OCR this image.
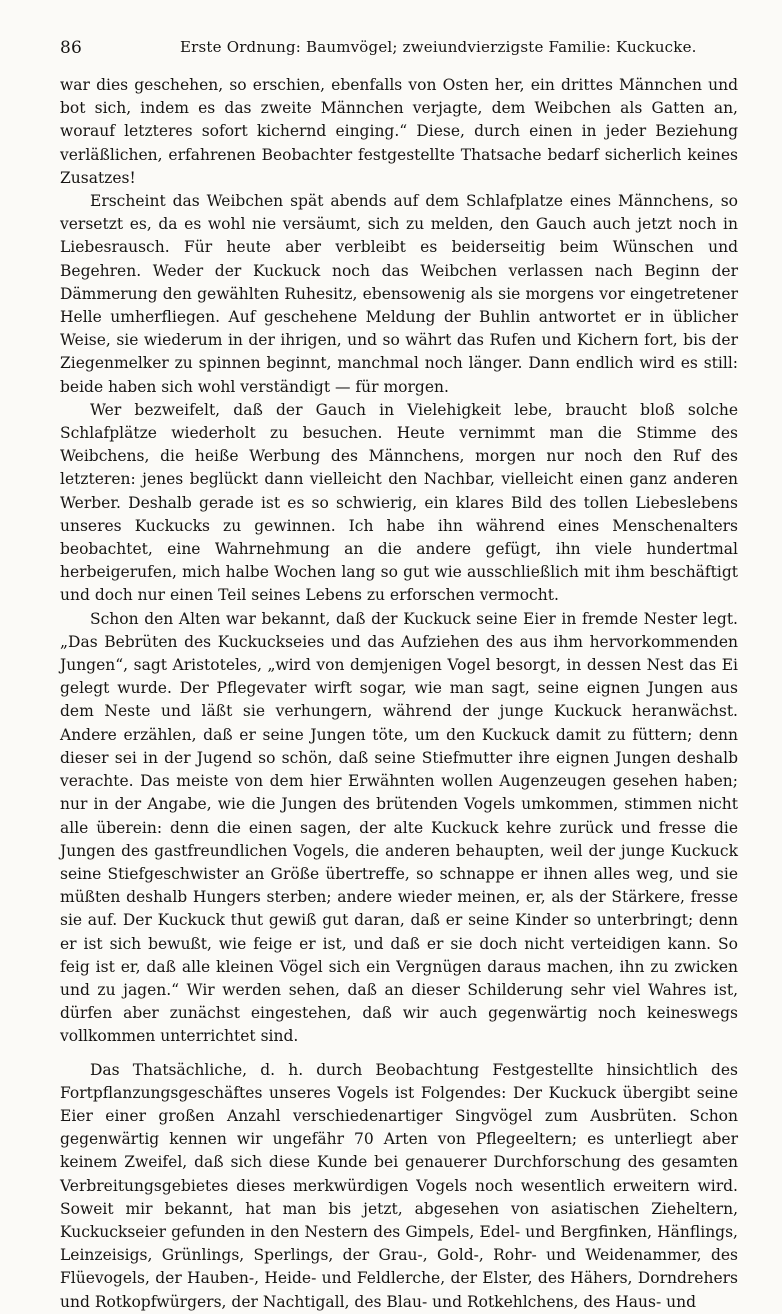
86	Erste Ordnung: Baumvögel; zweiundvierzigste Familie: Kuckucke.

war dies geschehen, so erschien, ebenfalls von Osten her, ein drittes Männchen und bot sich, indem es das zweite Männchen verjagte, dem Weibchen als Gatten an, worauf letzteres sofort kichernd einging.“ Diese, durch einen in jeder Beziehung verläßlichen, erfahrenen Beobachter festgestellte Thatsache bedarf sicherlich keines Zusatzes!

Erscheint das Weibchen spät abends auf dem Schlafplatze eines Männchens, so versetzt es, da es wohl nie versäumt, sich zu melden, den Gauch auch jetzt noch in Liebesrausch. Für heute aber verbleibt es beiderseitig beim Wünschen und Begehren. Weder der Kuckuck noch das Weibchen verlassen nach Beginn der Dämmerung den gewählten Ruhesitz, ebensowenig als sie morgens vor eingetretener Helle umherfliegen. Auf geschehene Meldung der Buhlin antwortet er in üblicher Weise, sie wiederum in der ihrigen, und so währt das Rufen und Kichern fort, bis der Ziegenmelker zu spinnen beginnt, manchmal noch länger. Dann endlich wird es still: beide haben sich wohl verständigt — für morgen.

Wer bezweifelt, daß der Gauch in Vielehigkeit lebe, braucht bloß solche Schlafplätze wiederholt zu besuchen. Heute vernimmt man die Stimme des Weibchens, die heiße Werbung des Männchens, morgen nur noch den Ruf des letzteren: jenes beglückt dann vielleicht den Nachbar, vielleicht einen ganz anderen Werber. Deshalb gerade ist es so schwierig, ein klares Bild des tollen Liebeslebens unseres Kuckucks zu gewinnen. Ich habe ihn während eines Menschenalters beobachtet, eine Wahrnehmung an die andere gefügt, ihn viele hundertmal herbeigerufen, mich halbe Wochen lang so gut wie ausschließlich mit ihm beschäftigt und doch nur einen Teil seines Lebens zu erforschen vermocht.

Schon den Alten war bekannt, daß der Kuckuck seine Eier in fremde Nester legt. „Das Bebrüten des Kuckuckseies und das Aufziehen des aus ihm hervorkommenden Jungen“, sagt Aristoteles, „wird von demjenigen Vogel besorgt, in dessen Nest das Ei gelegt wurde. Der Pflegevater wirft sogar, wie man sagt, seine eignen Jungen aus dem Neste und läßt sie verhungern, während der junge Kuckuck heranwächst. Andere erzählen, daß er seine Jungen töte, um den Kuckuck damit zu füttern; denn dieser sei in der Jugend so schön, daß seine Stiefmutter ihre eignen Jungen deshalb verachte. Das meiste von dem hier Erwähnten wollen Augenzeugen gesehen haben; nur in der Angabe, wie die Jungen des brütenden Vogels umkommen, stimmen nicht alle überein: denn die einen sagen, der alte Kuckuck kehre zurück und fresse die Jungen des gastfreundlichen Vogels, die anderen behaupten, weil der junge Kuckuck seine Stiefgeschwister an Größe übertreffe, so schnappe er ihnen alles weg, und sie müßten deshalb Hungers sterben; andere wieder meinen, er, als der Stärkere, fresse sie auf. Der Kuckuck thut gewiß gut daran, daß er seine Kinder so unterbringt; denn er ist sich bewußt, wie feige er ist, und daß er sie doch nicht verteidigen kann. So feig ist er, daß alle kleinen Vögel sich ein Vergnügen daraus machen, ihn zu zwicken und zu jagen.“ Wir werden sehen, daß an dieser Schilderung sehr viel Wahres ist, dürfen aber zunächst eingestehen, daß wir auch gegenwärtig noch keineswegs vollkommen unterrichtet sind.

Das Thatsächliche, d. h. durch Beobachtung Festgestellte hinsichtlich des Fortpflanzungsgeschäftes unseres Vogels ist Folgendes: Der Kuckuck übergibt seine Eier einer großen Anzahl verschiedenartiger Singvögel zum Ausbrüten. Schon gegenwärtig kennen wir ungefähr 70 Arten von Pflegeeltern; es unterliegt aber keinem Zweifel, daß sich diese Kunde bei genauerer Durchforschung des gesamten Verbreitungsgebietes dieses merkwürdigen Vogels noch wesentlich erweitern wird. Soweit mir bekannt, hat man bis jetzt, abgesehen von asiatischen Zieheltern, Kuckuckseier gefunden in den Nestern des Gimpels, Edel- und Bergfinken, Hänflings, Leinzeisigs, Grünlings, Sperlings, der Grau-, Gold-, Rohr- und Weidenammer, des Flüevogels, der Hauben-, Heide- und Feldlerche, der Elster, des Hähers, Dorndrehers und Rotkopfwürgers, der Nachtigall, des Blau- und Rotkehlchens, des Haus- und
